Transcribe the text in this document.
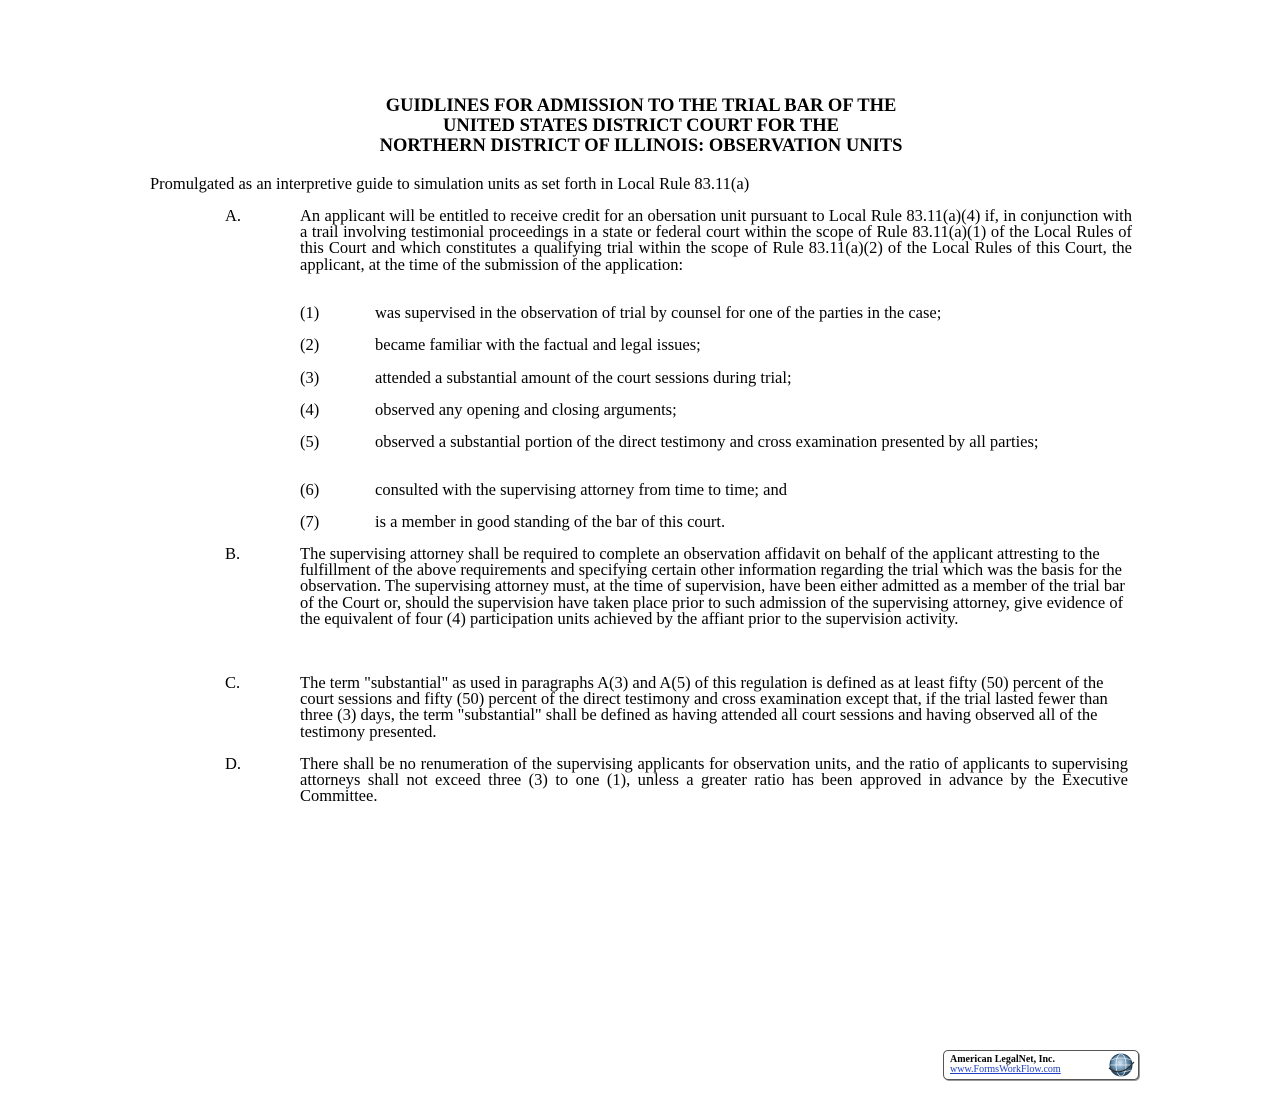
GUIDLINES FOR ADMISSION TO THE TRIAL BAR OF THE
UNITED STATES DISTRICT COURT FOR THE
NORTHERN DISTRICT OF ILLINOIS: OBSERVATION UNITS
Promulgated as an interpretive guide to simulation units as set forth in Local Rule 83.11(a)
A.	An applicant will be entitled to receive credit for an obersation unit pursuant to Local Rule 83.11(a)(4) if, in conjunction with a trail involving testimonial proceedings in a state or federal court within the scope of Rule 83.11(a)(1) of the Local Rules of this Court and which constitutes a qualifying trial within the scope of Rule 83.11(a)(2) of the Local Rules of this Court, the applicant, at the time of the submission of the application:
(1)	was supervised in the observation of trial by counsel for one of the parties in the case;
(2)	became familiar with the factual and legal issues;
(3)	attended a substantial amount of the court sessions during trial;
(4)	observed any opening and closing arguments;
(5)	observed a substantial portion of the direct testimony and cross examination presented by all parties;
(6)	consulted with the supervising attorney from time to time; and
(7)	is a member in good standing of the bar of this court.
B.	The supervising attorney shall be required to complete an observation affidavit on behalf of the applicant attresting to the fulfillment of the above requirements and specifying certain other information regarding the trial which was the basis for the observation. The supervising attorney must, at the time of supervision, have been either admitted as a member of the trial bar of the Court or, should the supervision have taken place prior to such admission of the supervising attorney, give evidence of the equivalent of four (4) participation units achieved by the affiant prior to the supervision activity.
C.	The term "substantial" as used in paragraphs A(3) and A(5) of this regulation is defined as at least fifty (50) percent of the court sessions and fifty (50) percent of the direct testimony and cross examination except that, if the trial lasted fewer than three (3) days, the term "substantial" shall be defined as having attended all court sessions and having observed all of the testimony presented.
D.	There shall be no renumeration of the supervising applicants for observation units, and the ratio of applicants to supervising attorneys shall not exceed three (3) to one (1), unless a greater ratio has been approved in advance by the Executive Committee.
American LegalNet, Inc.
www.FormsWorkFlow.com
